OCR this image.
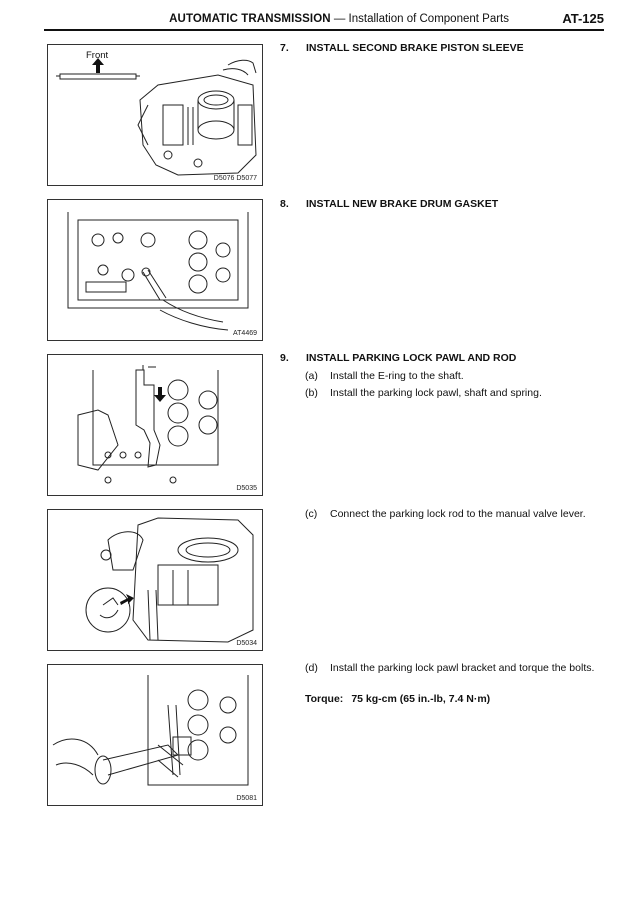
AUTOMATIC TRANSMISSION — Installation of Component Parts	AT-125
Front
D5076 D5077
AT4469
D5035
D5034
D5081
7. INSTALL SECOND BRAKE PISTON SLEEVE
8. INSTALL NEW BRAKE DRUM GASKET
9. INSTALL PARKING LOCK PAWL AND ROD
(a)	Install the E-ring to the shaft.
(b)	Install the parking lock pawl, shaft and spring.
(c)	Connect the parking lock rod to the manual valve lever.
(d)	Install the parking lock pawl bracket and torque the bolts.
Torque: 75 kg-cm (65 in.-lb, 7.4 N·m)
